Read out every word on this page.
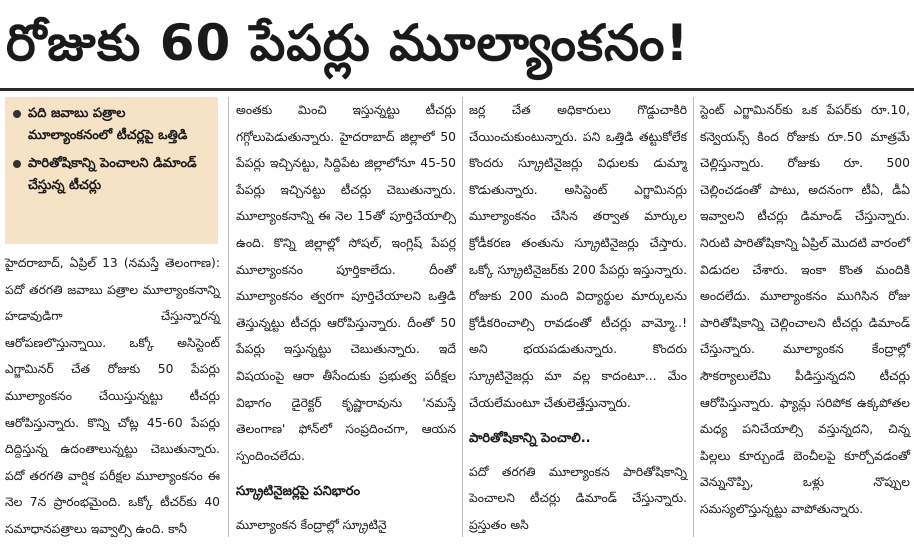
రోజుకు 60 పేపర్లు మూల్యాంకనం!
పది జవాబు పత్రాల మూల్యాంకనంలో టీచర్లపై ఒత్తిడి
పారితోషికాన్ని పెంచాలని డిమాండ్ చేస్తున్న టీచర్లు

హైదరాబాద్, ఏప్రిల్ 13 (నమస్తే తెలంగాణ): పదో తరగతి జవాబు పత్రాల మూల్యాంకనాన్ని హడావుడిగా చేస్తున్నారన్న ఆరోపణలొస్తున్నాయి. ఒక్కో అసిస్టెంట్ ఎగ్జామినర్ చేత రోజుకు 50 పేపర్లు మూల్యాంకనం చేయిస్తున్నట్టు టీచర్లు ఆరోపిస్తున్నారు. కొన్ని చోట్ల 45-60 పేపర్లు దిద్దిస్తున్న ఉదంతాలున్నట్టు చెబుతున్నారు. పదో తరగతి వార్షిక పరీక్షల మూల్యాంకనం ఈ నెల 7న ప్రారంభమైంది. ఒక్కో టీచర్‌కు 40 సమాధానపత్రాలు ఇవ్వాల్సి ఉంది. కానీ

అంతకు మించి ఇస్తున్నట్టు టీచర్లు గగ్గోలుపెడుతున్నారు. హైదరాబాద్ జిల్లాలో 50 పేపర్లు ఇచ్చినట్టు, సిద్దిపేట జిల్లాలోనూ 45-50 పేపర్లు ఇచ్చినట్టు టీచర్లు చెబుతున్నారు. మూల్యాంకనాన్ని ఈ నెల 15తో పూర్తిచేయాల్సి ఉంది. కొన్ని జిల్లాల్లో సోషల్, ఇంగ్లిష్ పేపర్ల మూల్యాంకనం పూర్తికాలేదు. దీంతో మూల్యాంకనం త్వరగా పూర్తిచేయాలని ఒత్తిడి తెస్తున్నట్టు టీచర్లు ఆరోపిస్తున్నారు. దీంతో 50 పేపర్లు ఇస్తున్నట్టు చెబుతున్నారు. ఇదే విషయంపై ఆరా తీసేందుకు ప్రభుత్వ పరీక్షల విభాగం డైరెక్టర్ కృష్ణారావును 'నమస్తే తెలంగాణ' ఫోన్‌లో సంప్రదించగా, ఆయన స్పందించలేదు.

స్క్రూటినైజర్లపై పనిభారం

మూల్యాంకన కేంద్రాల్లో స్క్రూటినై

జర్ల చేత అధికారులు గొడ్డుచాకిరి చేయించుకుంటున్నారు. పని ఒత్తిడి తట్టుకోలేక కొందరు స్క్రూటినైజర్లు విధులకు డుమ్మా కొడుతున్నారు. అసిస్టెంట్ ఎగ్జామినర్లు మూల్యాంకనం చేసిన తర్వాత మార్కుల క్రోడీకరణ తంతును స్క్రూటినైజర్లు చేస్తారు. ఒక్కో స్క్రూటినైజర్‌కు 200 పేపర్లు ఇస్తున్నారు. రోజుకు 200 మంది విద్యార్థుల మార్కులను క్రోడీకరించాల్సి రావడంతో టీచర్లు వామ్మో..! అని భయపడుతున్నారు. కొందరు స్క్రూటినైజర్లు మా వల్ల కాదంటూ... మేం చేయలేమంటూ చేతులెత్తేస్తున్నారు.

పారితోషికాన్ని పెంచాలి..

పదో తరగతి మూల్యాంకన పారితోషికాన్ని పెంచాలని టీచర్లు డిమాండ్ చేస్తున్నారు. ప్రస్తుతం అసి

స్టెంట్ ఎగ్జామినర్‌కు ఒక పేపర్‌కు రూ.10, కన్వెయన్స్ కింద రోజుకు రూ.50 మాత్రమే చెల్లిస్తున్నారు. రోజుకు రూ. 500 చెల్లించడంతో పాటు, అదనంగా టీఏ, డీఏ ఇవ్వాలని టీచర్లు డిమాండ్ చేస్తున్నారు. నిరుటి పారితోషికాన్ని ఏప్రిల్ మొదటి వారంలో విడుదల చేశారు. ఇంకా కొంత మందికి అందలేదు. మూల్యాంకనం ముగిసిన రోజు పారితోషికాన్ని చెల్లించాలని టీచర్లు డిమాండ్ చేస్తున్నారు. మూల్యాంకన కేంద్రాల్లో సౌకర్యాలులేమి పీడిస్తున్నదని టీచర్లు ఆరోపిస్తున్నారు. ఫ్యాన్లు సరిపోక ఉక్కపోతల మధ్య పనిచేయాల్సి వస్తున్నదని, చిన్న పిల్లలు కూర్చుండే బెంచీలపై కూర్చోవడంతో వెన్నునొప్పి, ఒళ్లు నొప్పుల సమస్యలొస్తున్నట్టు వాపోతున్నారు.
